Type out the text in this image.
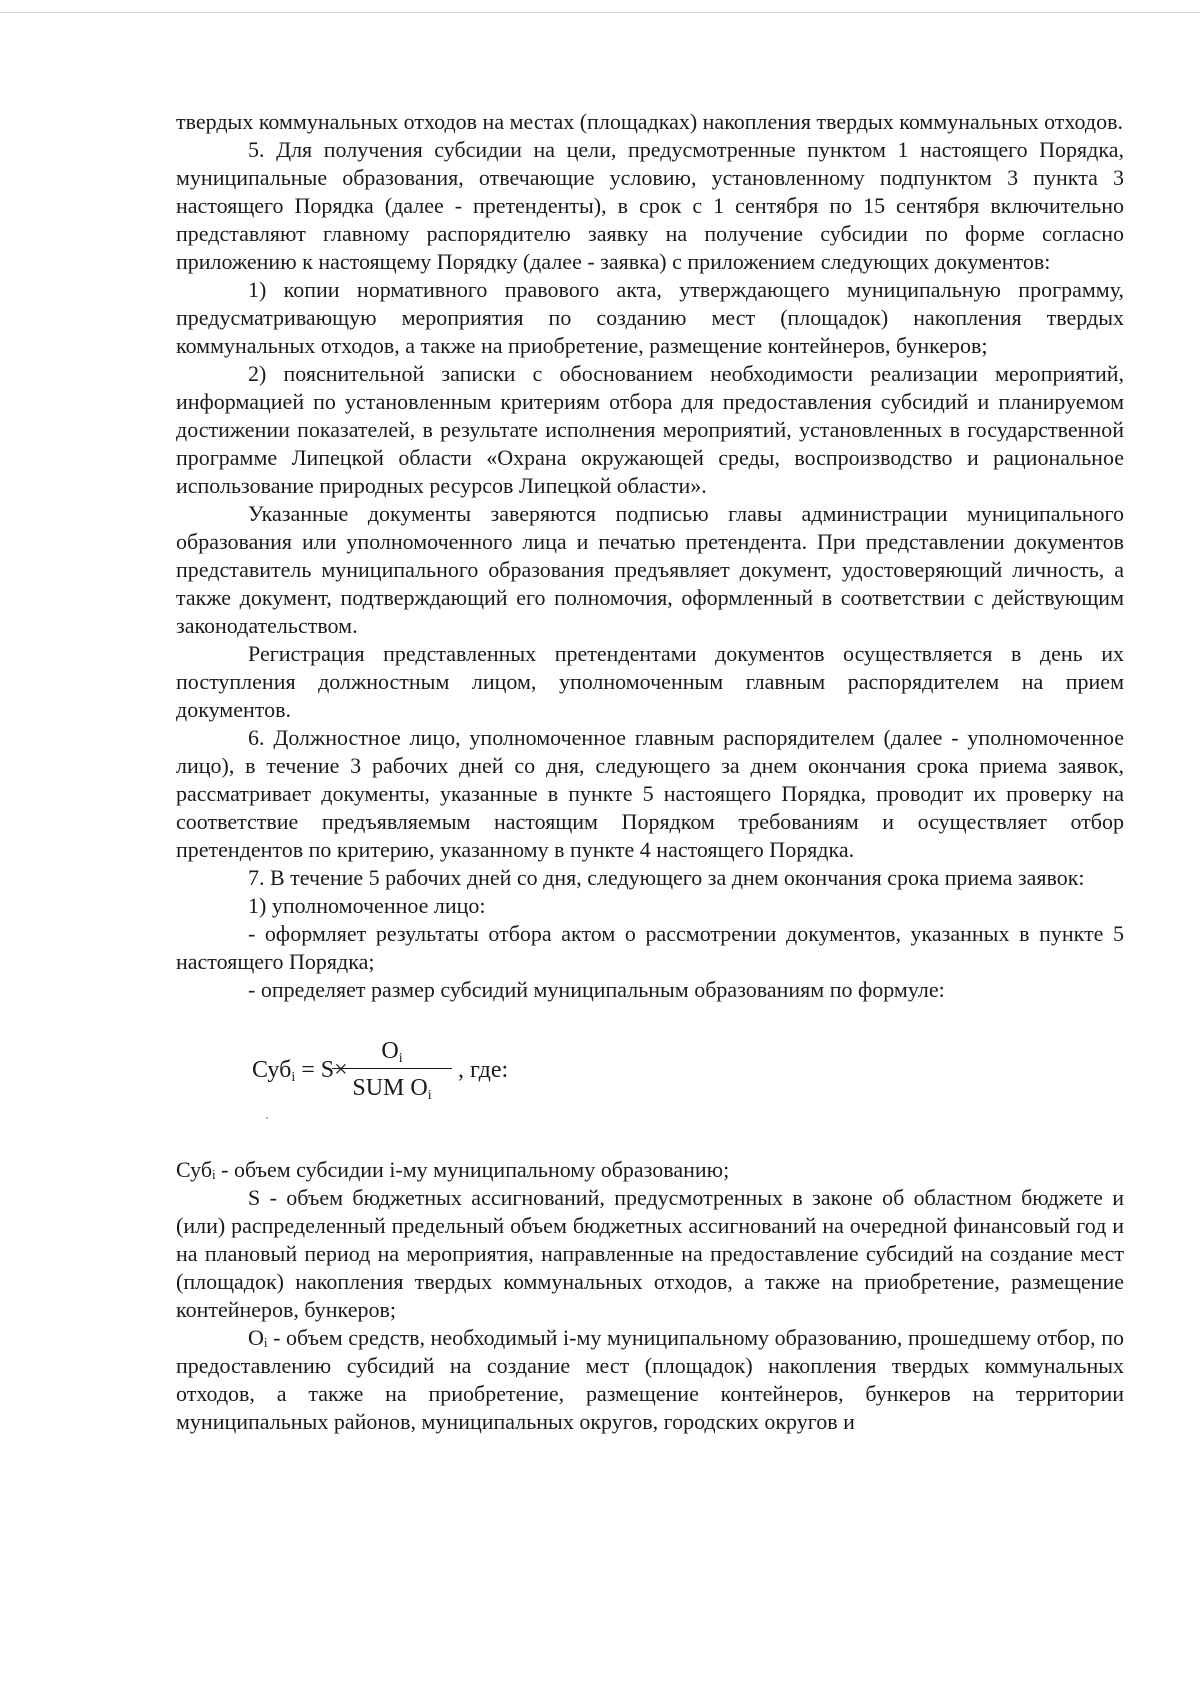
твердых коммунальных отходов на местах (площадках) накопления твердых коммунальных отходов.

5. Для получения субсидии на цели, предусмотренные пунктом 1 настоящего Порядка, муниципальные образования, отвечающие условию, установленному подпунктом 3 пункта 3 настоящего Порядка (далее - претенденты), в срок с 1 сентября по 15 сентября включительно представляют главному распорядителю заявку на получение субсидии по форме согласно приложению к настоящему Порядку (далее - заявка) с приложением следующих документов:

1) копии нормативного правового акта, утверждающего муниципальную программу, предусматривающую мероприятия по созданию мест (площадок) накопления твердых коммунальных отходов, а также на приобретение, размещение контейнеров, бункеров;

2) пояснительной записки с обоснованием необходимости реализации мероприятий, информацией по установленным критериям отбора для предоставления субсидий и планируемом достижении показателей, в результате исполнения мероприятий, установленных в государственной программе Липецкой области «Охрана окружающей среды, воспроизводство и рациональное использование природных ресурсов Липецкой области».

Указанные документы заверяются подписью главы администрации муниципального образования или уполномоченного лица и печатью претендента. При представлении документов представитель муниципального образования предъявляет документ, удостоверяющий личность, а также документ, подтверждающий его полномочия, оформленный в соответствии с действующим законодательством.

Регистрация представленных претендентами документов осуществляется в день их поступления должностным лицом, уполномоченным главным распорядителем на прием документов.

6. Должностное лицо, уполномоченное главным распорядителем (далее - уполномоченное лицо), в течение 3 рабочих дней со дня, следующего за днем окончания срока приема заявок, рассматривает документы, указанные в пункте 5 настоящего Порядка, проводит их проверку на соответствие предъявляемым настоящим Порядком требованиям и осуществляет отбор претендентов по критерию, указанному в пункте 4 настоящего Порядка.

7. В течение 5 рабочих дней со дня, следующего за днем окончания срока приема заявок:

1) уполномоченное лицо:

- оформляет результаты отбора актом о рассмотрении документов, указанных в пункте 5 настоящего Порядка;

- определяет размер субсидий муниципальным образованиям по формуле:

Суб$_i$ = S×
$O_i$
SUM $O_i$
, где:

Субᵢ - объем субсидии i-му муниципальному образованию;

S - объем бюджетных ассигнований, предусмотренных в законе об областном бюджете и (или) распределенный предельный объем бюджетных ассигнований на очередной финансовый год и на плановый период на мероприятия, направленные на предоставление субсидий на создание мест (площадок) накопления твердых коммунальных отходов, а также на приобретение, размещение контейнеров, бункеров;

Оᵢ - объем средств, необходимый i-му муниципальному образованию, прошедшему отбор, по предоставлению субсидий на создание мест (площадок) накопления твердых коммунальных отходов, а также на приобретение, размещение контейнеров, бункеров на территории муниципальных районов, муниципальных округов, городских округов и
